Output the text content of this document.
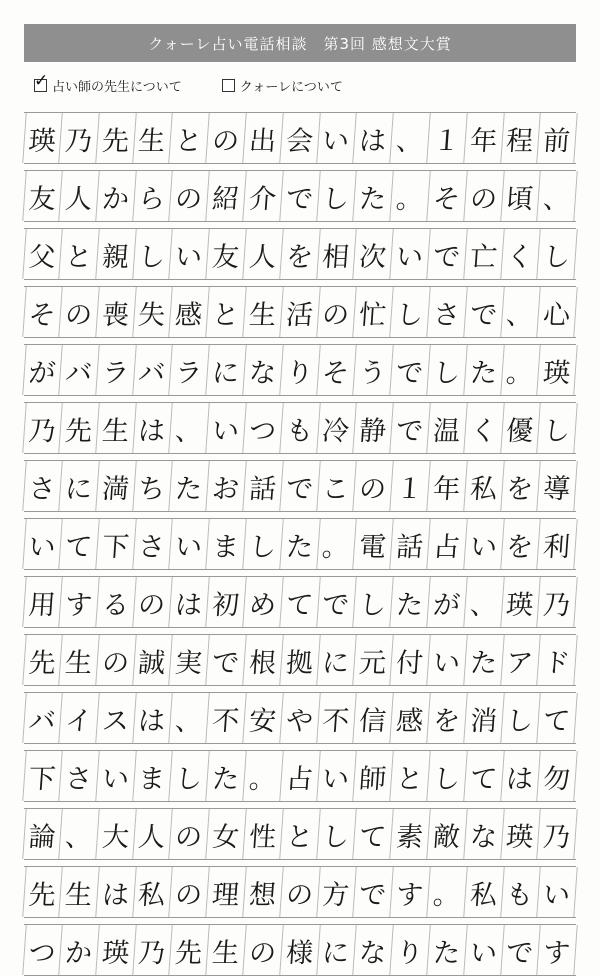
クォーレ占い電話相談　第3回 感想文大賞
✓ 占い師の先生について	クォーレについて
瑛 乃 先 生 と の 出 会 い は 、 １ 年 程 前
友 人 か ら の 紹 介 で し た 。 そ の 頃 、
父 と 親 し い 友 人 を 相 次 い で 亡 く し
そ の 喪 失 感 と 生 活 の 忙 し さ で 、 心
が バ ラ バ ラ に な り そ う で し た 。 瑛
乃 先 生 は 、 い つ も 冷 静 で 温 く 優 し
さ に 満 ち た お 話 で こ の １ 年 私 を 導
い て 下 さ い ま し た 。 電 話 占 い を 利
用 す る の は 初 め て で し た が 、 瑛 乃
先 生 の 誠 実 で 根 拠 に 元 付 い た ア ド
バ イ ス は 、 不 安 や 不 信 感 を 消 し て
下 さ い ま し た 。 占 い 師 と し て は 勿
論 、 大 人 の 女 性 と し て 素 敵 な 瑛 乃
先 生 は 私 の 理 想 の 方 で す 。 私 も い
つ か 瑛 乃 先 生 の 様 に な り た い で す
